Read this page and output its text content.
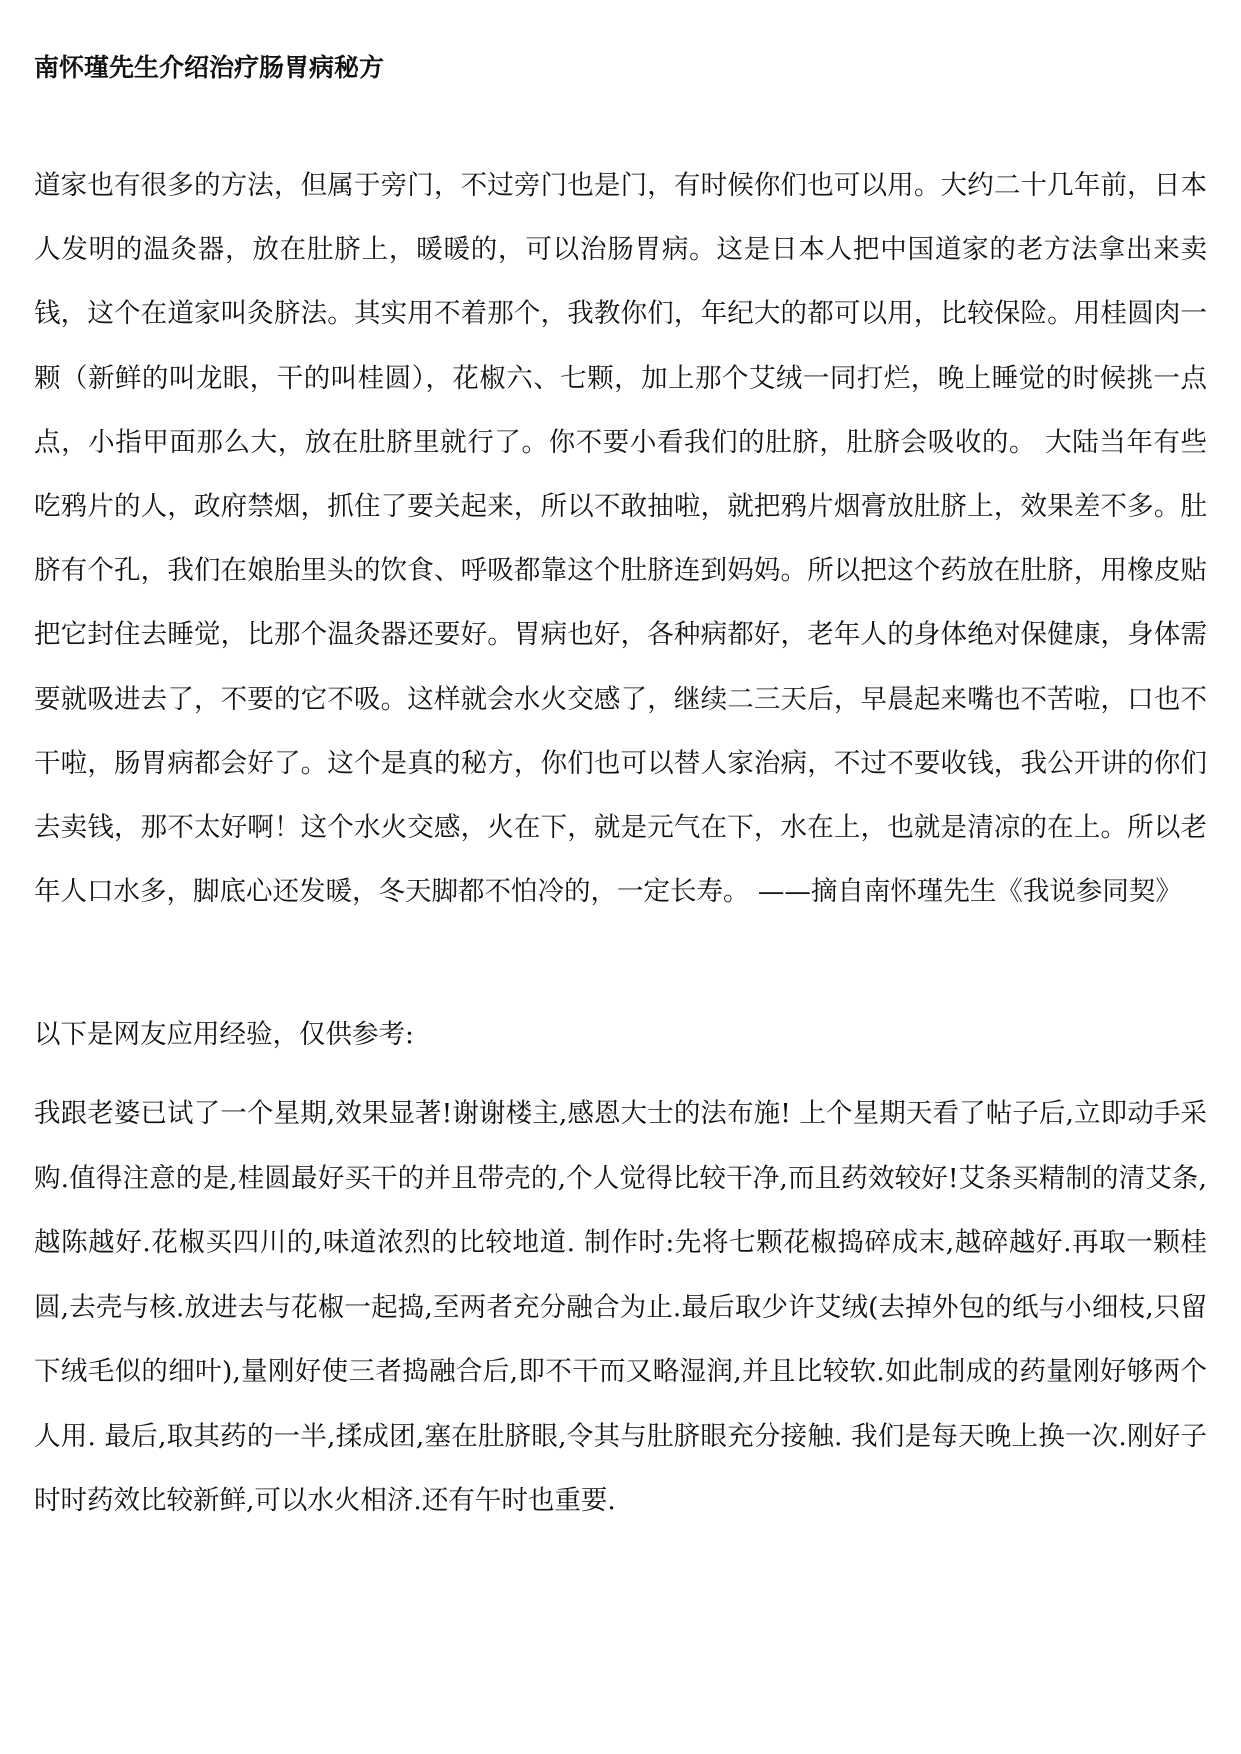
南怀瑾先生介绍治疗肠胃病秘方

道家也有很多的方法，但属于旁门，不过旁门也是门，有时候你们也可以用。大约二十几年前，日本人发明的温灸器，放在肚脐上，暖暖的，可以治肠胃病。这是日本人把中国道家的老方法拿出来卖钱，这个在道家叫灸脐法。其实用不着那个，我教你们，年纪大的都可以用，比较保险。用桂圆肉一颗（新鲜的叫龙眼，干的叫桂圆），花椒六、七颗，加上那个艾绒一同打烂，晚上睡觉的时候挑一点点，小指甲面那么大，放在肚脐里就行了。你不要小看我们的肚脐，肚脐会吸收的。 大陆当年有些吃鸦片的人，政府禁烟，抓住了要关起来，所以不敢抽啦，就把鸦片烟膏放肚脐上，效果差不多。肚脐有个孔，我们在娘胎里头的饮食、呼吸都靠这个肚脐连到妈妈。所以把这个药放在肚脐，用橡皮贴把它封住去睡觉，比那个温灸器还要好。胃病也好，各种病都好，老年人的身体绝对保健康，身体需要就吸进去了，不要的它不吸。这样就会水火交感了，继续二三天后，早晨起来嘴也不苦啦，口也不干啦，肠胃病都会好了。这个是真的秘方，你们也可以替人家治病，不过不要收钱，我公开讲的你们去卖钱，那不太好啊！这个水火交感，火在下，就是元气在下，水在上，也就是清凉的在上。所以老年人口水多，脚底心还发暖，冬天脚都不怕冷的，一定长寿。 ——摘自南怀瑾先生《我说参同契》

以下是网友应用经验，仅供参考:

我跟老婆已试了一个星期,效果显著!谢谢楼主,感恩大士的法布施! 上个星期天看了帖子后,立即动手采购.值得注意的是,桂圆最好买干的并且带壳的,个人觉得比较干净,而且药效较好!艾条买精制的清艾条,越陈越好.花椒买四川的,味道浓烈的比较地道. 制作时:先将七颗花椒捣碎成末,越碎越好.再取一颗桂圆,去壳与核.放进去与花椒一起捣,至两者充分融合为止.最后取少许艾绒(去掉外包的纸与小细枝,只留下绒毛似的细叶),量刚好使三者捣融合后,即不干而又略湿润,并且比较软.如此制成的药量刚好够两个人用. 最后,取其药的一半,揉成团,塞在肚脐眼,令其与肚脐眼充分接触. 我们是每天晚上换一次.刚好子时时药效比较新鲜,可以水火相济.还有午时也重要.
